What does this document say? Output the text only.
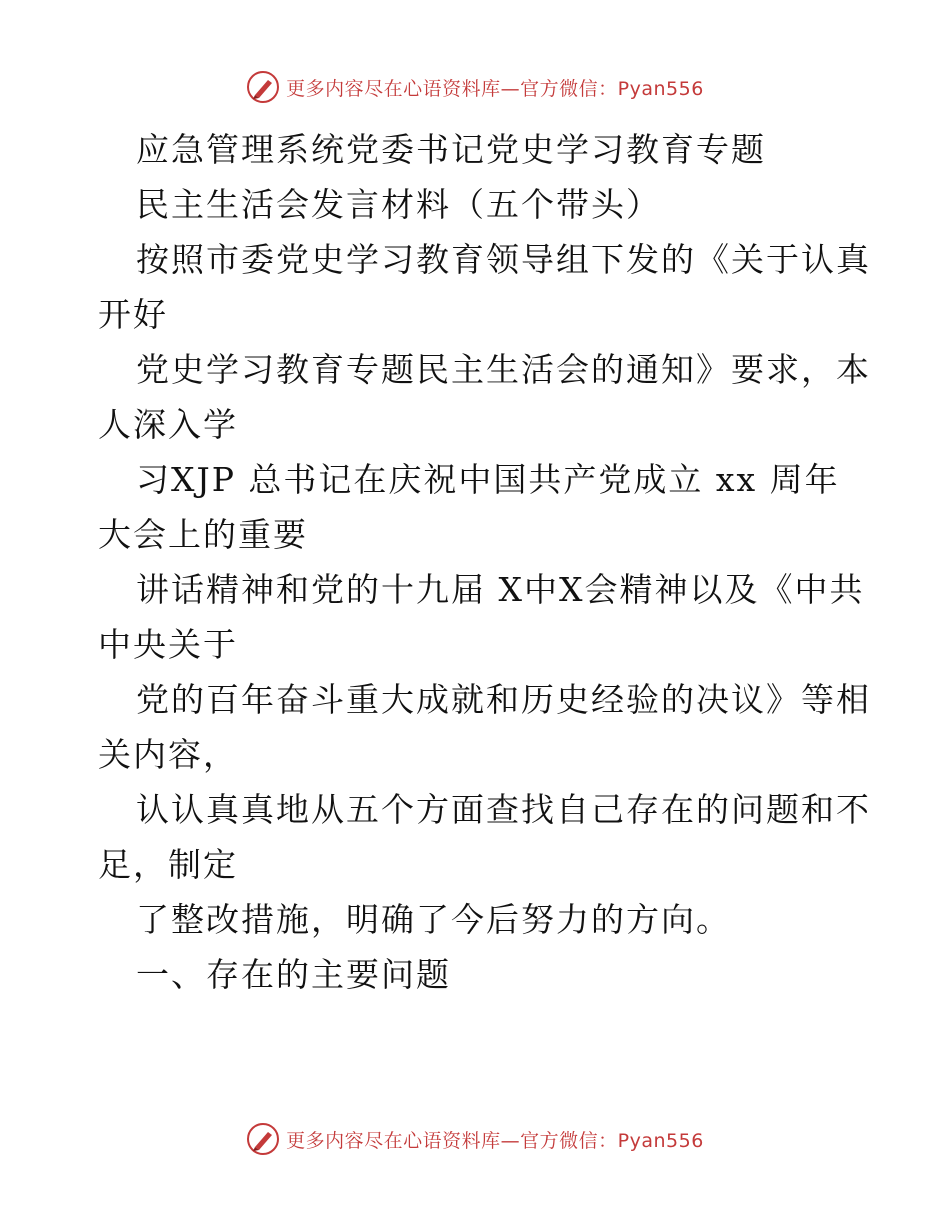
更多内容尽在心语资料库—官方微信：Pyan556
应急管理系统党委书记党史学习教育专题
民主生活会发言材料（五个带头）
按照市委党史学习教育领导组下发的《关于认真
开好
党史学习教育专题民主生活会的通知》要求，本
人深入学
习XJP 总书记在庆祝中国共产党成立 xx 周年
大会上的重要
讲话精神和党的十九届 X中X会精神以及《中共
中央关于
党的百年奋斗重大成就和历史经验的决议》等相
关内容，
认认真真地从五个方面查找自己存在的问题和不
足，制定
了整改措施，明确了今后努力的方向。
一、存在的主要问题
更多内容尽在心语资料库—官方微信：Pyan556
